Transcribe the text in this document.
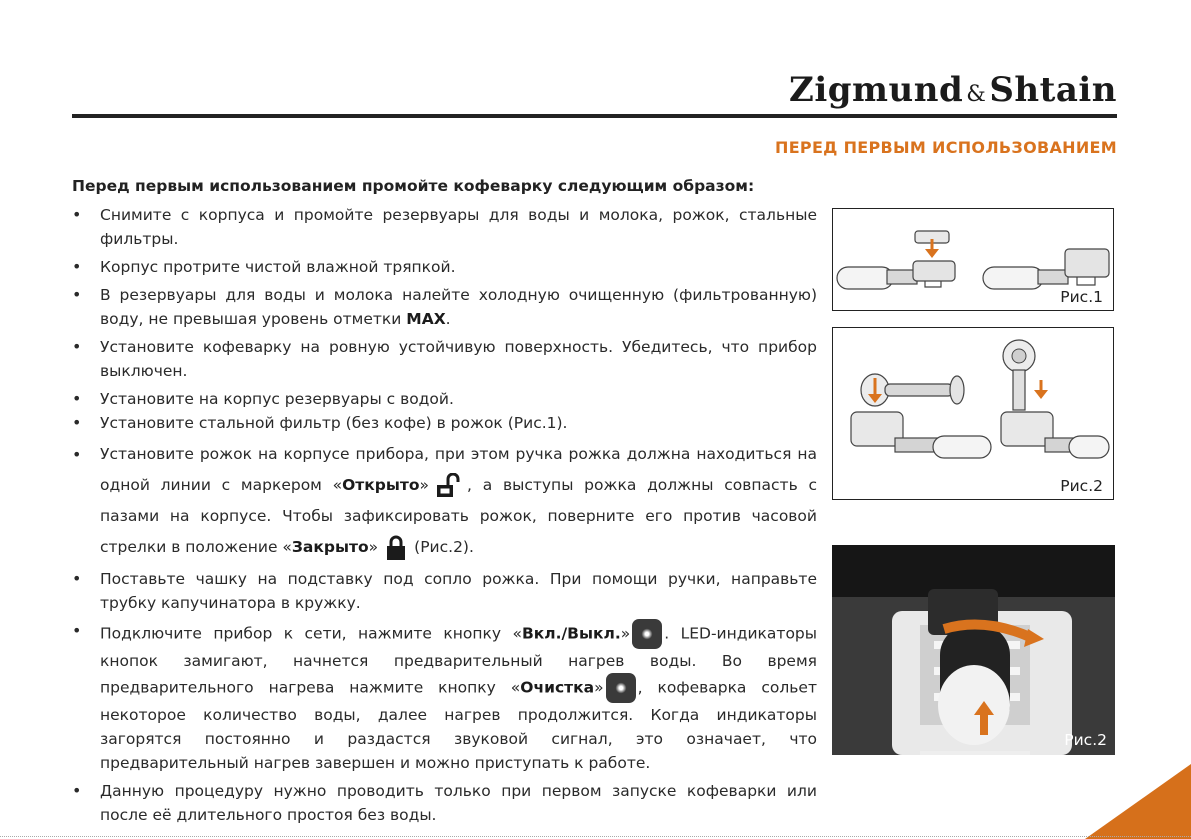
Zigmund &Shtain
ПЕРЕД ПЕРВЫМ ИСПОЛЬЗОВАНИЕМ
Перед первым использованием промойте кофеварку следующим образом:
• Снимите с корпуса и промойте резервуары для воды и молока, рожок, стальные фильтры.
• Корпус протрите чистой влажной тряпкой.
• В резервуары для воды и молока налейте холодную очищенную (фильтрованную) воду, не превышая уровень отметки MAX.
• Установите кофеварку на ровную устойчивую поверхность. Убедитесь, что прибор выключен.
• Установите на корпус резервуары с водой.
• Установите стальной фильтр (без кофе) в рожок (Рис.1).
• Установите рожок на корпусе прибора, при этом ручка рожка должна находиться на одной линии с маркером «Открыто» , а выступы рожка должны совпасть с пазами на корпусе. Чтобы зафиксировать рожок, поверните его против часовой стрелки в положение «Закрыто» (Рис.2).
• Поставьте чашку на подставку под сопло рожка. При помощи ручки, направьте трубку капучинатора в кружку.
• Подключите прибор к сети, нажмите кнопку «Вкл./Выкл.» . LED-индикаторы кнопок замигают, начнется предварительный нагрев воды. Во время предварительного нагрева нажмите кнопку «Очистка» , кофеварка сольет некоторое количество воды, далее нагрев продолжится. Когда индикаторы загорятся постоянно и раздастся звуковой сигнал, это означает, что предварительный нагрев завершен и можно приступать к работе.
• Данную процедуру нужно проводить только при первом запуске кофеварки или после её длительного простоя без воды.
Рис.1
Рис.2
Рис.2
